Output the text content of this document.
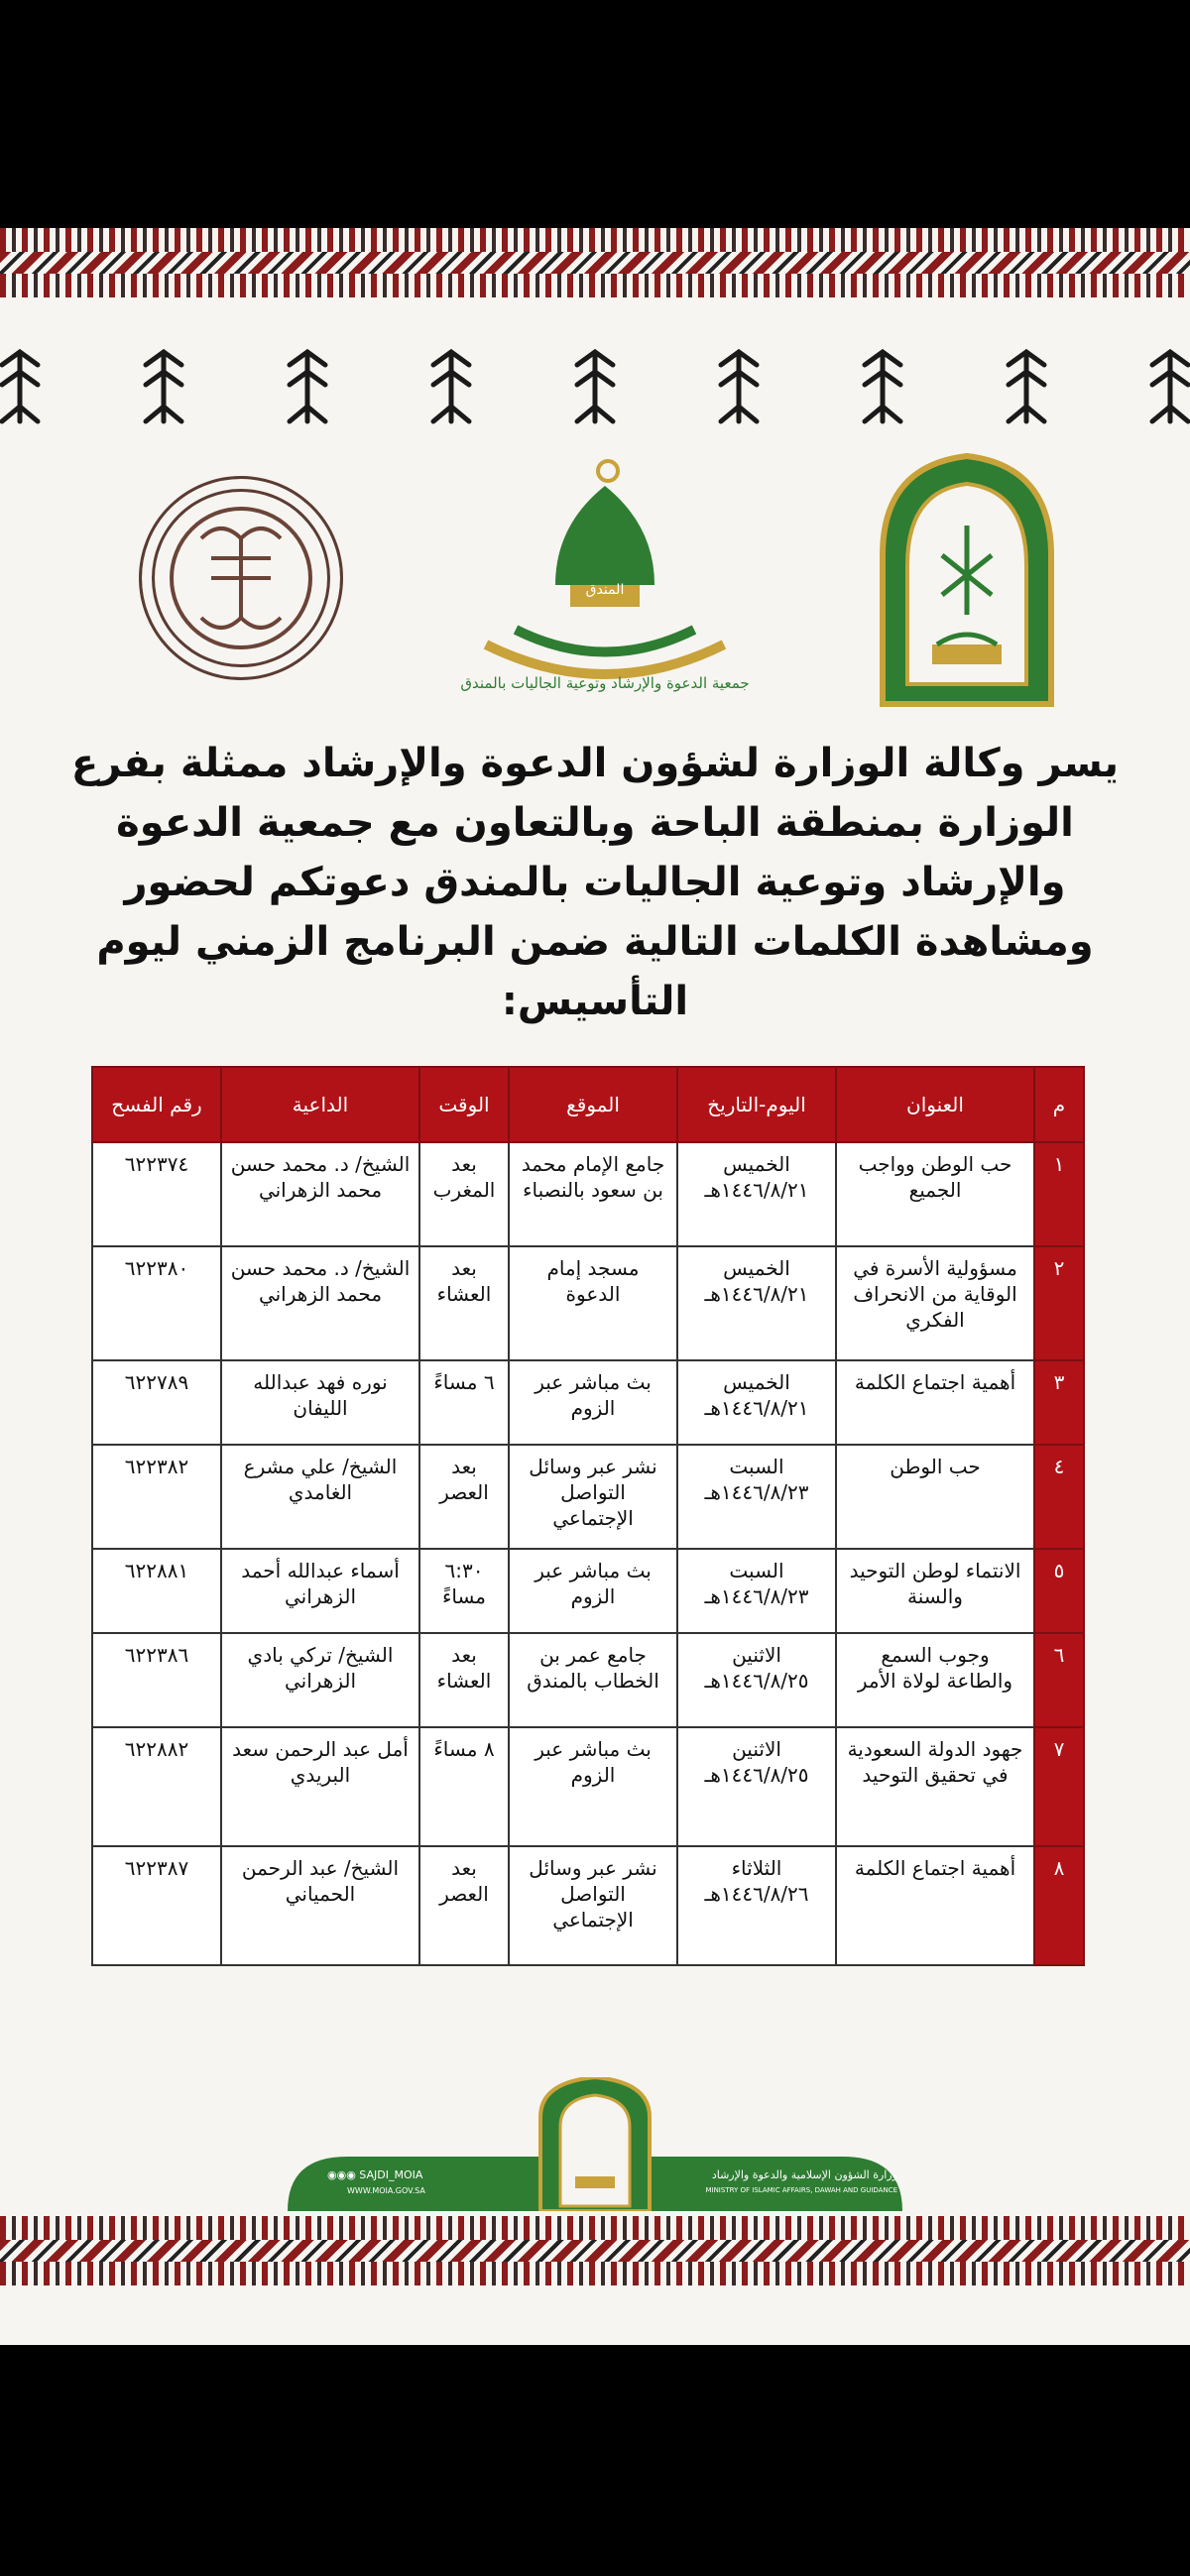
المندق
جمعية الدعوة والإرشاد وتوعية الجاليات بالمندق
يسر وكالة الوزارة لشؤون الدعوة والإرشاد ممثلة بفرع الوزارة بمنطقة الباحة وبالتعاون مع جمعية الدعوة والإرشاد وتوعية الجاليات بالمندق دعوتكم لحضور ومشاهدة الكلمات التالية ضمن البرنامج الزمني ليوم التأسيس:
م	العنوان	اليوم-التاريخ	الموقع	الوقت	الداعية	رقم الفسح
١	حب الوطن وواجب الجميع	الخميس ١٤٤٦/٨/٢١هـ	جامع الإمام محمد بن سعود بالنصباء	بعد المغرب	الشيخ/ د. محمد حسن محمد الزهراني	٦٢٢٣٧٤
٢	مسؤولية الأسرة في الوقاية من الانحراف الفكري	الخميس ١٤٤٦/٨/٢١هـ	مسجد إمام الدعوة	بعد العشاء	الشيخ/ د. محمد حسن محمد الزهراني	٦٢٢٣٨٠
٣	أهمية اجتماع الكلمة	الخميس ١٤٤٦/٨/٢١هـ	بث مباشر عبر الزوم	٦ مساءً	نوره فهد عبدالله الليفان	٦٢٢٧٨٩
٤	حب الوطن	السبت ١٤٤٦/٨/٢٣هـ	نشر عبر وسائل التواصل الإجتماعي	بعد العصر	الشيخ/ علي مشرع الغامدي	٦٢٢٣٨٢
٥	الانتماء لوطن التوحيد والسنة	السبت ١٤٤٦/٨/٢٣هـ	بث مباشر عبر الزوم	٦:٣٠ مساءً	أسماء عبدالله أحمد الزهراني	٦٢٢٨٨١
٦	وجوب السمع والطاعة لولاة الأمر	الاثنين ١٤٤٦/٨/٢٥هـ	جامع عمر بن الخطاب بالمندق	بعد العشاء	الشيخ/ تركي بادي الزهراني	٦٢٢٣٨٦
٧	جهود الدولة السعودية في تحقيق التوحيد	الاثنين ١٤٤٦/٨/٢٥هـ	بث مباشر عبر الزوم	٨ مساءً	أمل عبد الرحمن سعد البريدي	٦٢٢٨٨٢
٨	أهمية اجتماع الكلمة	الثلاثاء ١٤٤٦/٨/٢٦هـ	نشر عبر وسائل التواصل الإجتماعي	بعد العصر	الشيخ/ عبد الرحمن الحمياني	٦٢٢٣٨٧
وزارة الشؤون الإسلامية والدعوة والإرشاد
MINISTRY OF ISLAMIC AFFAIRS, DAWAH AND GUIDANCE
◉◉◉ SAJDI_MOIA
WWW.MOIA.GOV.SA
